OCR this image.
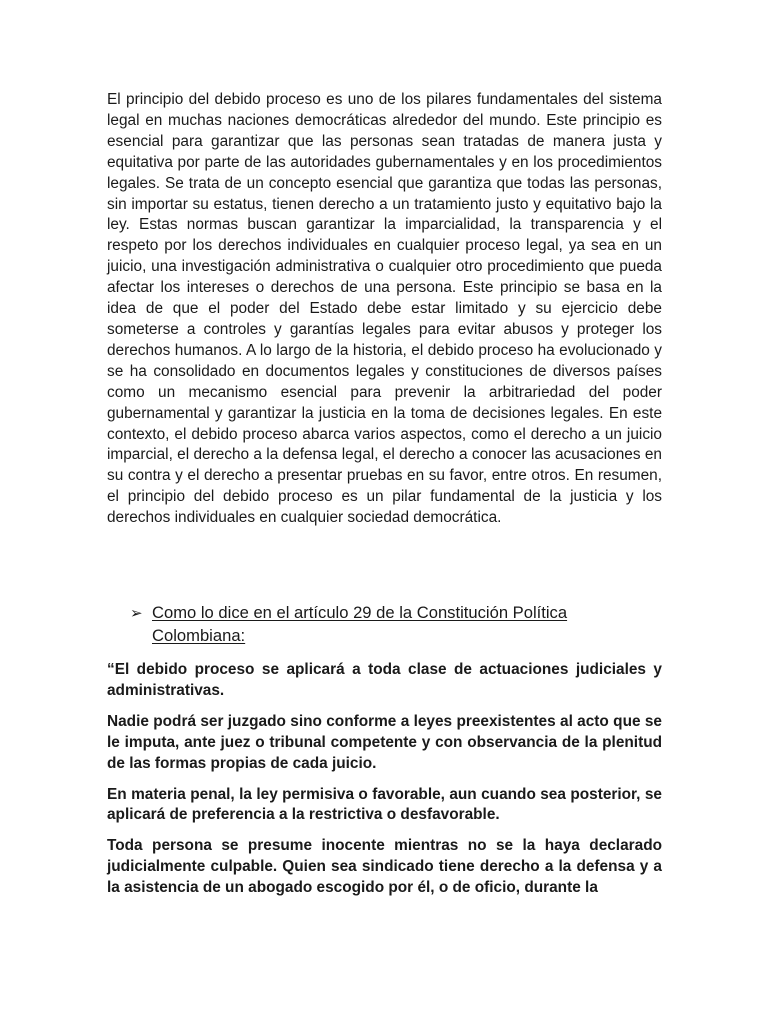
El principio del debido proceso es uno de los pilares fundamentales del sistema legal en muchas naciones democráticas alrededor del mundo. Este principio es esencial para garantizar que las personas sean tratadas de manera justa y equitativa por parte de las autoridades gubernamentales y en los procedimientos legales. Se trata de un concepto esencial que garantiza que todas las personas, sin importar su estatus, tienen derecho a un tratamiento justo y equitativo bajo la ley. Estas normas buscan garantizar la imparcialidad, la transparencia y el respeto por los derechos individuales en cualquier proceso legal, ya sea en un juicio, una investigación administrativa o cualquier otro procedimiento que pueda afectar los intereses o derechos de una persona. Este principio se basa en la idea de que el poder del Estado debe estar limitado y su ejercicio debe someterse a controles y garantías legales para evitar abusos y proteger los derechos humanos. A lo largo de la historia, el debido proceso ha evolucionado y se ha consolidado en documentos legales y constituciones de diversos países como un mecanismo esencial para prevenir la arbitrariedad del poder gubernamental y garantizar la justicia en la toma de decisiones legales. En este contexto, el debido proceso abarca varios aspectos, como el derecho a un juicio imparcial, el derecho a la defensa legal, el derecho a conocer las acusaciones en su contra y el derecho a presentar pruebas en su favor, entre otros. En resumen, el principio del debido proceso es un pilar fundamental de la justicia y los derechos individuales en cualquier sociedad democrática.

➢ Como lo dice en el artículo 29 de la Constitución Política Colombiana:

“El debido proceso se aplicará a toda clase de actuaciones judiciales y administrativas.

Nadie podrá ser juzgado sino conforme a leyes preexistentes al acto que se le imputa, ante juez o tribunal competente y con observancia de la plenitud de las formas propias de cada juicio.

En materia penal, la ley permisiva o favorable, aun cuando sea posterior, se aplicará de preferencia a la restrictiva o desfavorable.

Toda persona se presume inocente mientras no se la haya declarado judicialmente culpable. Quien sea sindicado tiene derecho a la defensa y a la asistencia de un abogado escogido por él, o de oficio, durante la
